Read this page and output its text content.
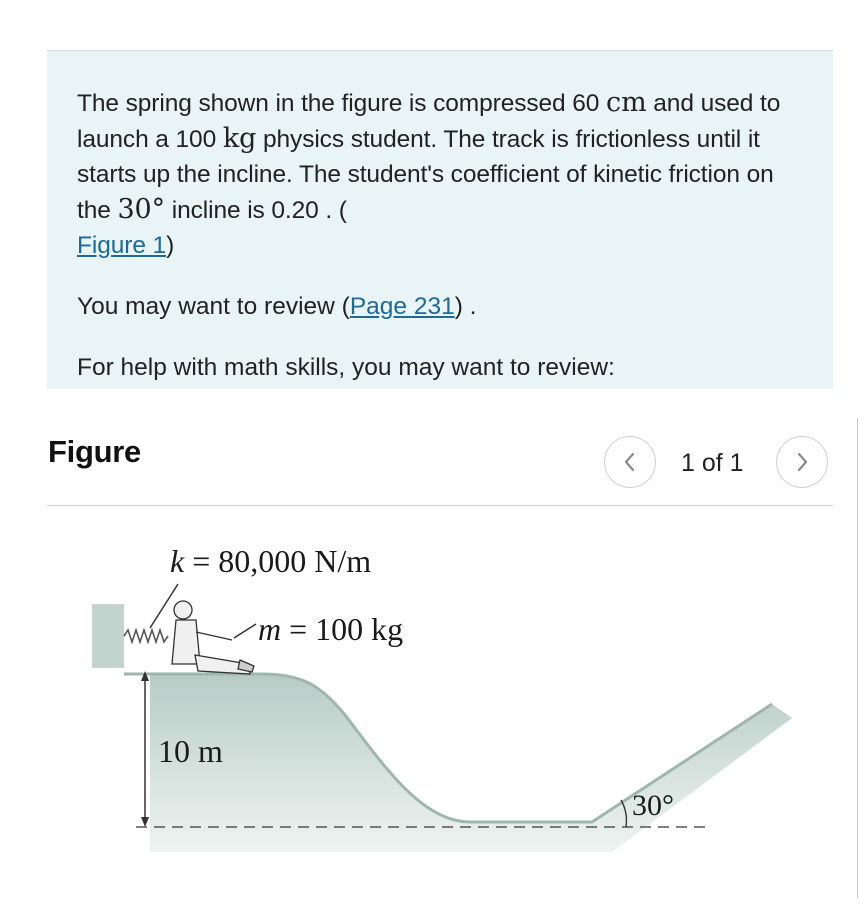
The spring shown in the figure is compressed 60 cm and used to launch a 100 kg physics student. The track is frictionless until it starts up the incline. The student's coefficient of kinetic friction on the 30° incline is 0.20 . (
Figure 1)

You may want to review (Page 231) .

For help with math skills, you may want to review:

Figure	1 of 1
k = 80,000 N/m
m = 100 kg
10 m
30°
